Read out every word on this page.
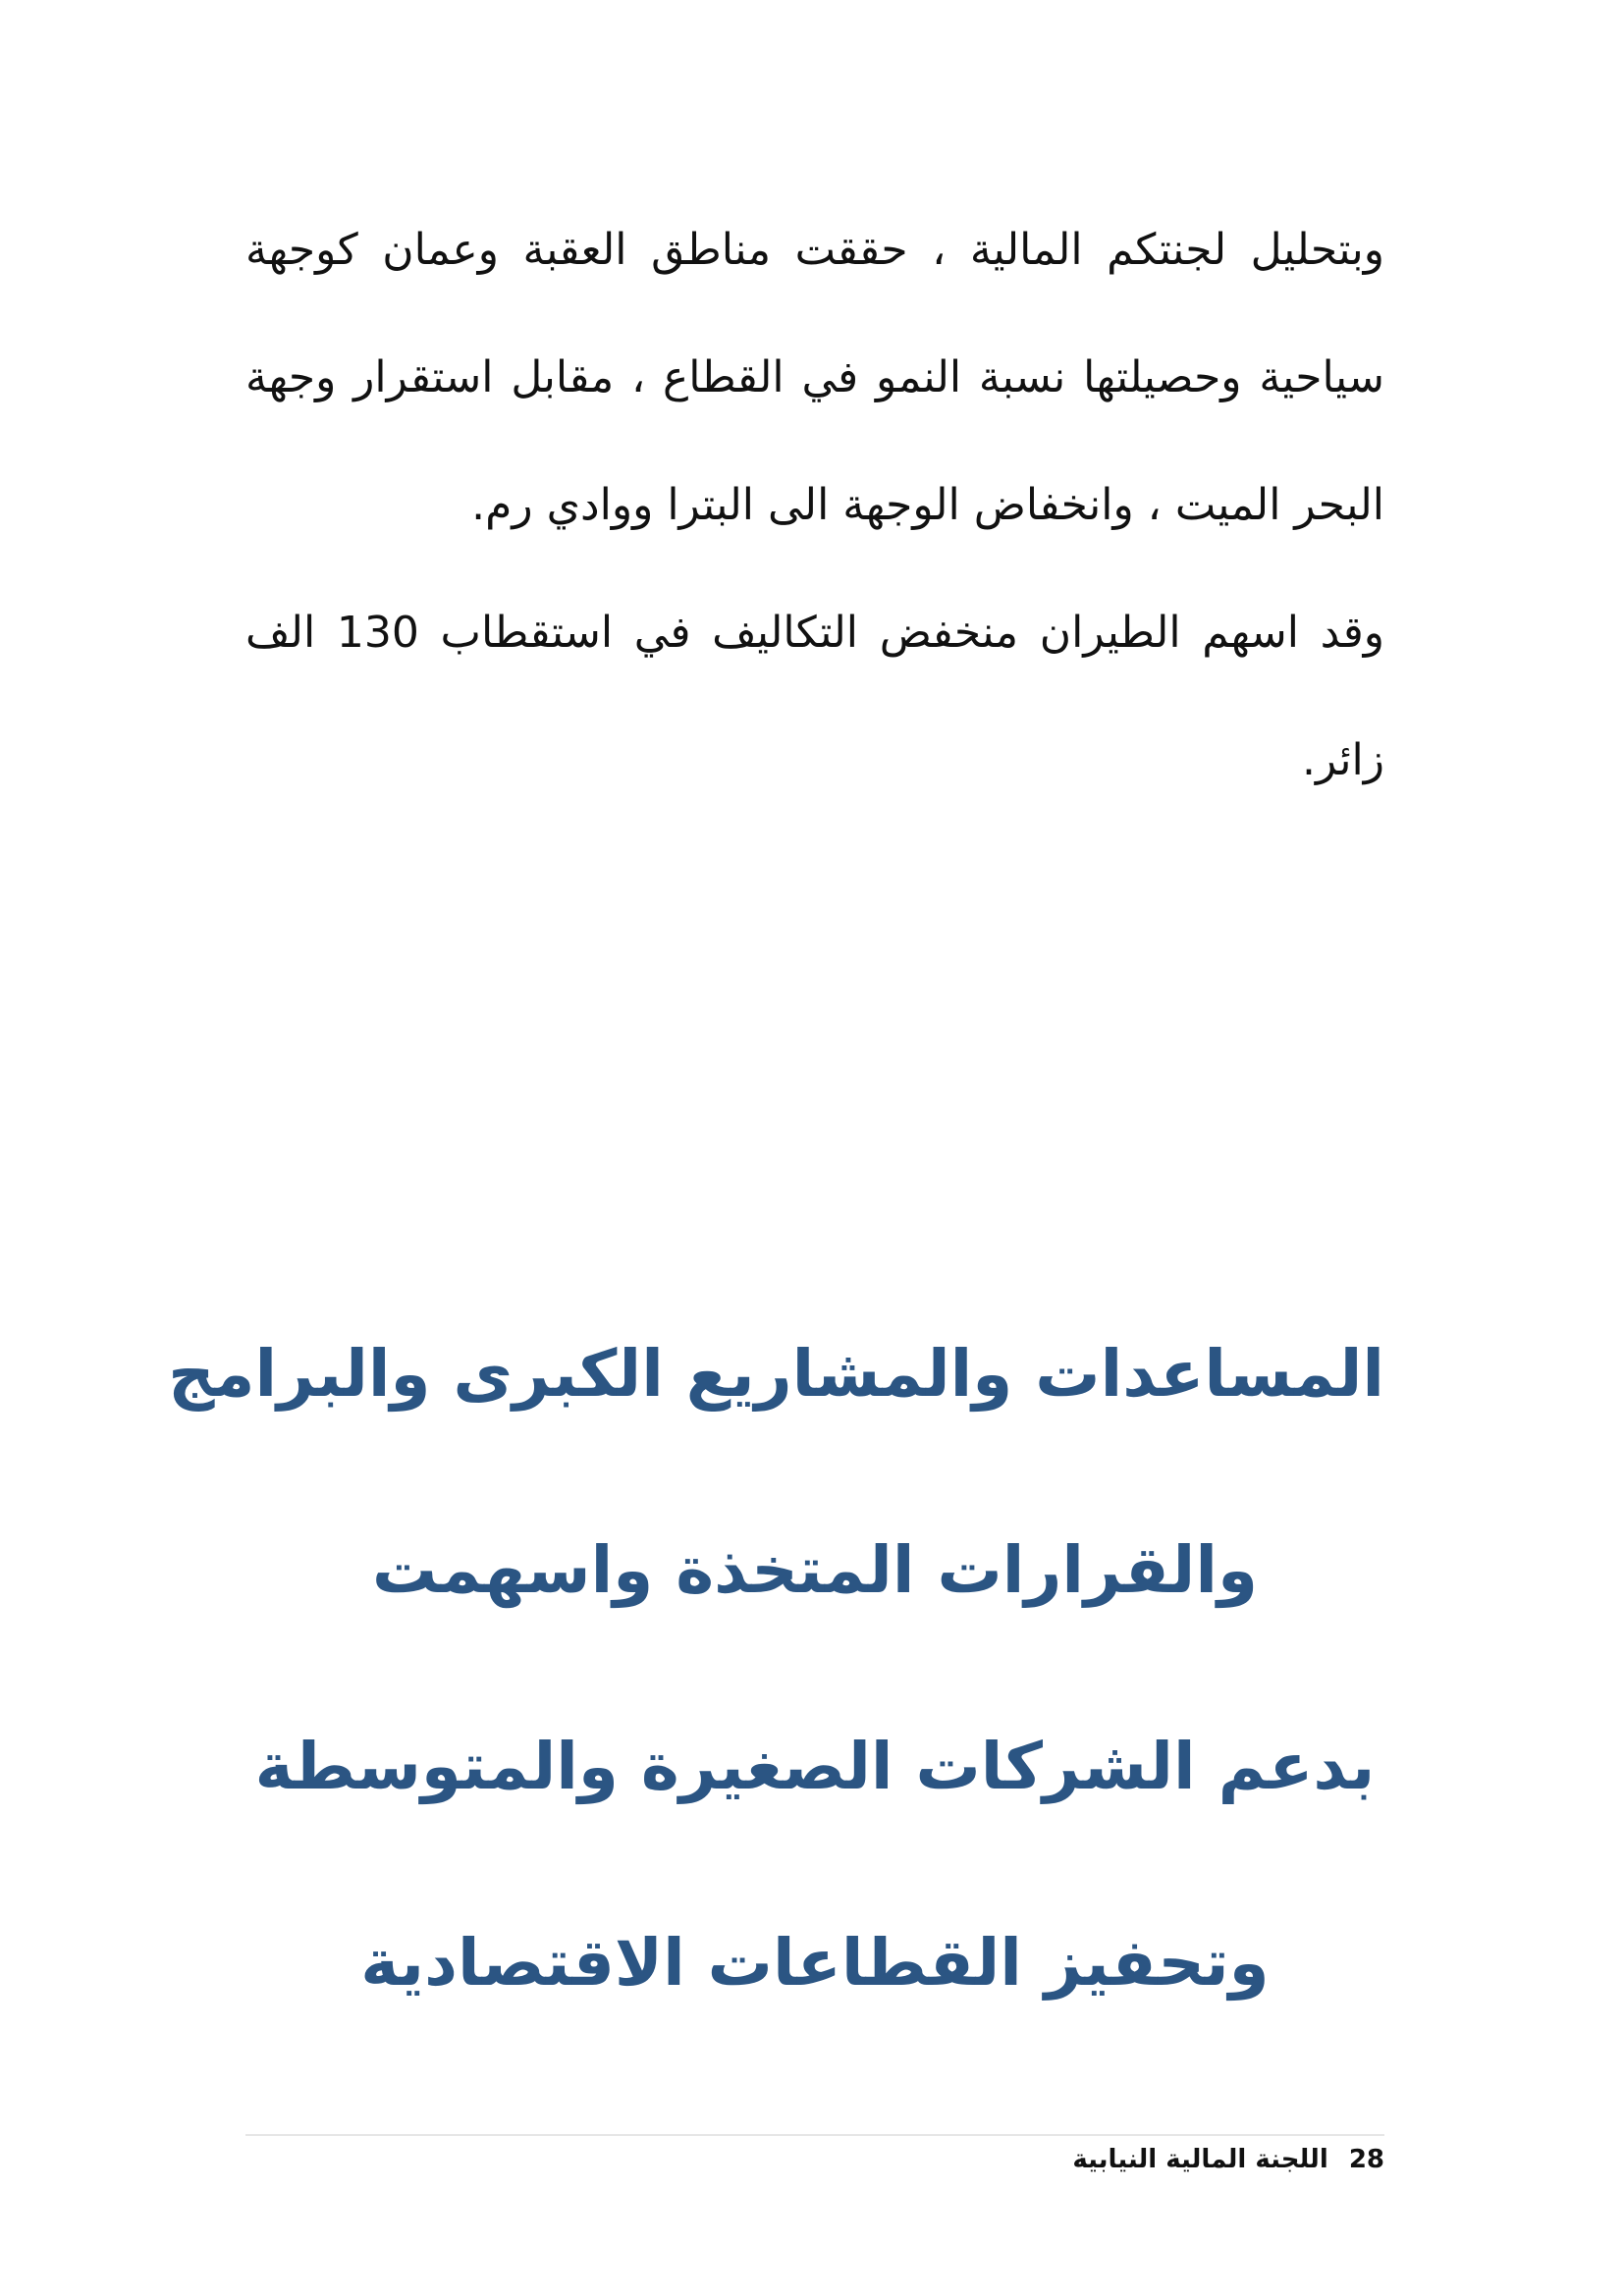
وبتحليل لجنتكم المالية ، حققت مناطق العقبة وعمان كوجهة سياحية وحصيلتها نسبة النمو في القطاع ، مقابل استقرار وجهة البحر الميت ، وانخفاض الوجهة الى البترا ووادي رم.

وقد اسهم الطيران منخفض التكاليف في استقطاب 130 الف زائر.

المساعدات والمشاريع الكبرى والبرامج

والقرارات المتخذة واسهمت

بدعم الشركات الصغيرة والمتوسطة

وتحفيز القطاعات الاقتصادية

28 اللجنة المالية النيابية
